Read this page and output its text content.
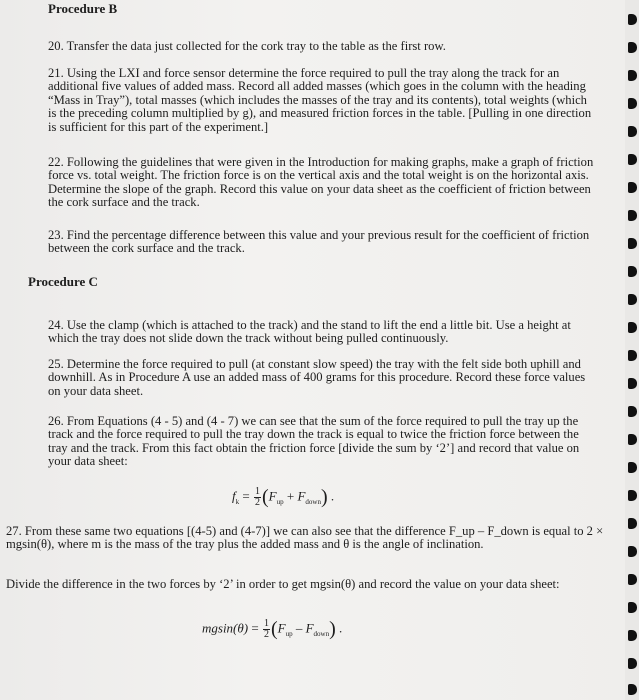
Procedure B
20. Transfer the data just collected for the cork tray to the table as the first row.
21. Using the LXI and force sensor determine the force required to pull the tray along the track for an additional five values of added mass. Record all added masses (which goes in the column with the heading “Mass in Tray”), total masses (which includes the masses of the tray and its contents), total weights (which is the preceding column multiplied by g), and measured friction forces in the table. [Pulling in one direction is sufficient for this part of the experiment.]
22. Following the guidelines that were given in the Introduction for making graphs, make a graph of friction force vs. total weight. The friction force is on the vertical axis and the total weight is on the horizontal axis. Determine the slope of the graph. Record this value on your data sheet as the coefficient of friction between the cork surface and the track.
23. Find the percentage difference between this value and your previous result for the coefficient of friction between the cork surface and the track.
Procedure C
24. Use the clamp (which is attached to the track) and the stand to lift the end a little bit. Use a height at which the tray does not slide down the track without being pulled continuously.
25. Determine the force required to pull (at constant slow speed) the tray with the felt side both uphill and downhill. As in Procedure A use an added mass of 400 grams for this procedure. Record these force values on your data sheet.
26. From Equations (4 - 5) and (4 - 7) we can see that the sum of the force required to pull the tray up the track and the force required to pull the tray down the track is equal to twice the friction force between the tray and the track. From this fact obtain the friction force [divide the sum by ‘2’] and record that value on your data sheet:
$f_k = \frac{1}{2} (F_{up} + F_{down})$ .
27. From these same two equations [(4-5) and (4-7)] we can also see that the difference F_up – F_down is equal to 2 × mgsin(θ), where m is the mass of the tray plus the added mass and θ is the angle of inclination.
Divide the difference in the two forces by ‘2’ in order to get mgsin(θ) and record the value on your data sheet:
$mgsin(\theta) = \frac{1}{2} (F_{up} - F_{down})$ .
